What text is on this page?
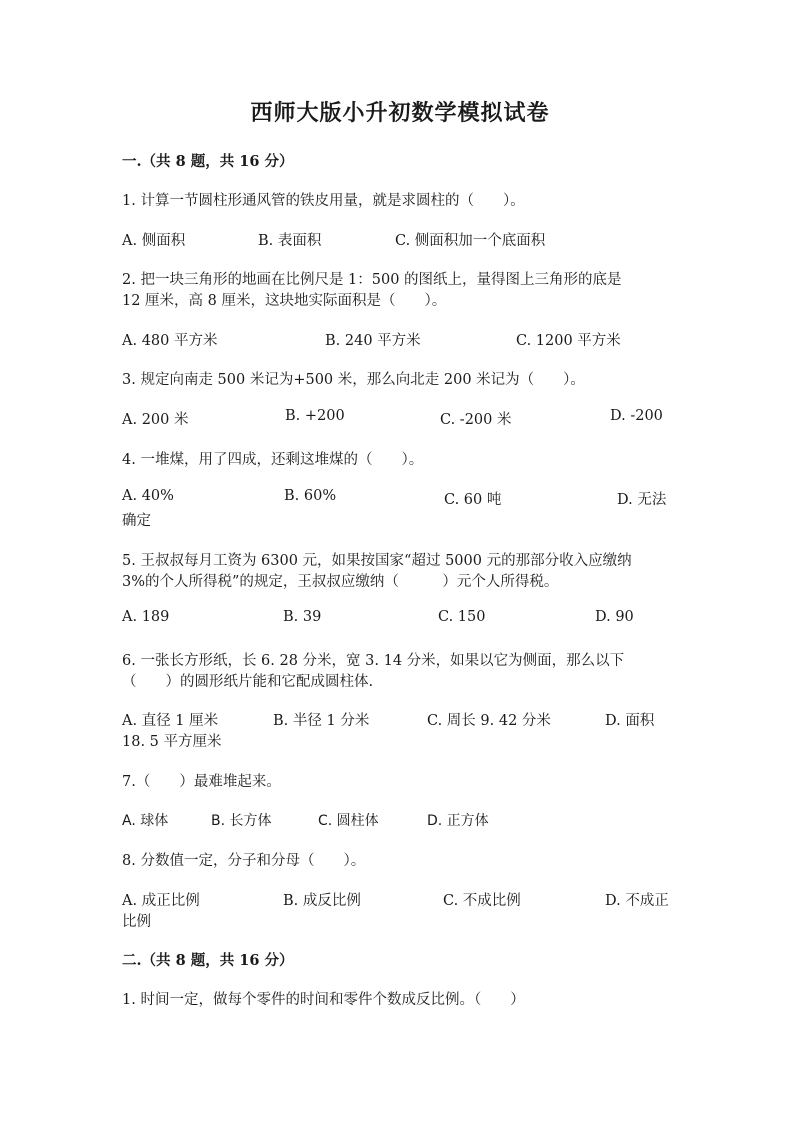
西师大版小升初数学模拟试卷
一.（共 8 题，共 16 分）
1. 计算一节圆柱形通风管的铁皮用量，就是求圆柱的（　　）。
A. 侧面积	B. 表面积	C. 侧面积加一个底面积
2. 把一块三角形的地画在比例尺是 1：500 的图纸上，量得图上三角形的底是
12 厘米，高 8 厘米，这块地实际面积是（　　）。
A. 480 平方米	B. 240 平方米	C. 1200 平方米
3. 规定向南走 500 米记为+500 米，那么向北走 200 米记为（　　）。
A. 200 米	B. +200	C. -200 米	D. -200
4. 一堆煤，用了四成，还剩这堆煤的（　　）。
A. 40%	B. 60%	C. 60 吨	D. 无法
确定
5. 王叔叔每月工资为 6300 元，如果按国家“超过 5000 元的那部分收入应缴纳
3%的个人所得税”的规定，王叔叔应缴纳（　　　）元个人所得税。
A. 189	B. 39	C. 150	D. 90
6. 一张长方形纸，长 6. 28 分米，宽 3. 14 分米，如果以它为侧面，那么以下
（　　）的圆形纸片能和它配成圆柱体.
A. 直径 1 厘米	B. 半径 1 分米	C. 周长 9. 42 分米	D. 面积
18. 5 平方厘米
7.（　　）最难堆起来。
A. 球体	B. 长方体	C. 圆柱体	D. 正方体
8. 分数值一定，分子和分母（　　）。
A. 成正比例	B. 成反比例	C. 不成比例	D. 不成正
比例
二.（共 8 题，共 16 分）
1. 时间一定，做每个零件的时间和零件个数成反比例。（　　）
